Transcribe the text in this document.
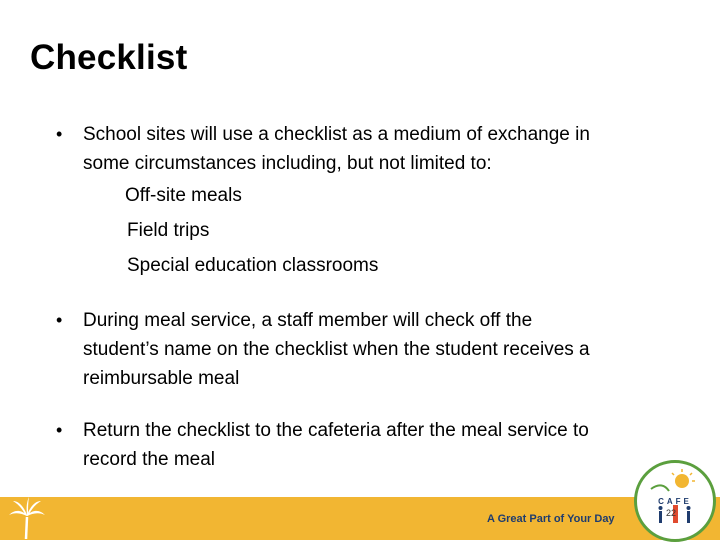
Checklist
•	School sites will use a checklist as a medium of exchange in
some circumstances including, but not limited to:
Off-site meals
Field trips
Special education classrooms
•	During meal service, a staff member will check off the
student’s name on the checklist when the student receives a
reimbursable meal
•	Return the checklist to the cafeteria after the meal service to
record the meal
A Great Part of Your Day
CAFE
22
